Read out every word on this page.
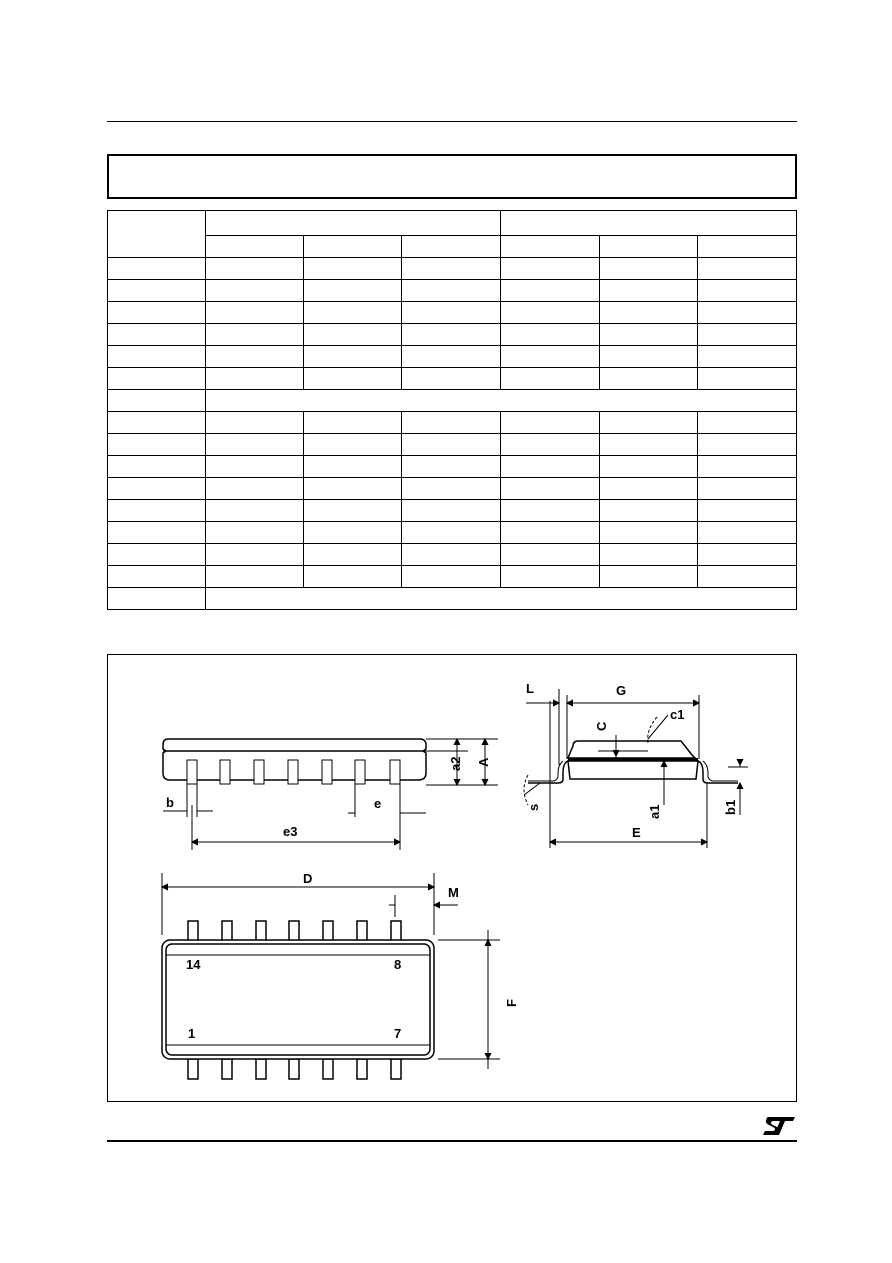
A
a2
b	e
e3
L	G
C
c1
s	a1	b1
E
D
M
F
14	8
1	7
